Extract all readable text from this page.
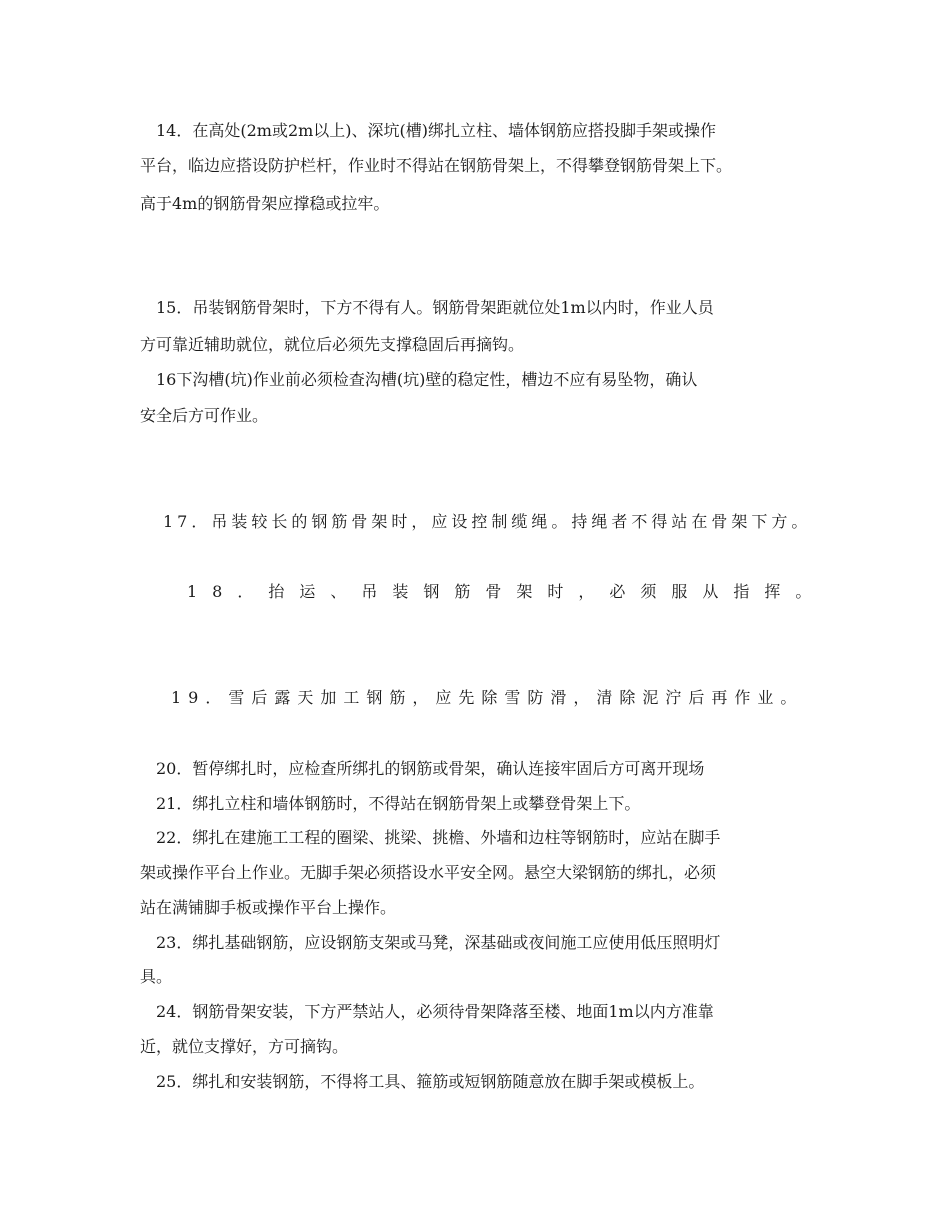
　14．在高处(2m或2m以上)、深坑(槽)绑扎立柱、墙体钢筋应搭投脚手架或操作
平台，临边应搭设防护栏杆，作业时不得站在钢筋骨架上，不得攀登钢筋骨架上下。
高于4m的钢筋骨架应撑稳或拉牢。
　15．吊装钢筋骨架时，下方不得有人。钢筋骨架距就位处1m以内时，作业人员
方可靠近辅助就位，就位后必须先支撑稳固后再摘钩。
　16下沟槽(坑)作业前必须检查沟槽(坑)壁的稳定性，槽边不应有易坠物，确认
安全后方可作业。
17．吊装较长的钢筋骨架时，应设控制缆绳。持绳者不得站在骨架下方。
18．抬运、吊装钢筋骨架时，必须服从指挥。
19．雪后露天加工钢筋，应先除雪防滑，清除泥泞后再作业。
　20．暂停绑扎时，应检查所绑扎的钢筋或骨架，确认连接牢固后方可离开现场
　21．绑扎立柱和墙体钢筋时，不得站在钢筋骨架上或攀登骨架上下。
　22．绑扎在建施工工程的圈梁、挑梁、挑檐、外墙和边柱等钢筋时，应站在脚手
架或操作平台上作业。无脚手架必须搭设水平安全网。悬空大梁钢筋的绑扎，必须
站在满铺脚手板或操作平台上操作。
　23．绑扎基础钢筋，应设钢筋支架或马凳，深基础或夜间施工应使用低压照明灯
具。
　24．钢筋骨架安装，下方严禁站人，必须待骨架降落至楼、地面1m以内方准靠
近，就位支撑好，方可摘钩。
　25．绑扎和安装钢筋，不得将工具、箍筋或短钢筋随意放在脚手架或模板上。
